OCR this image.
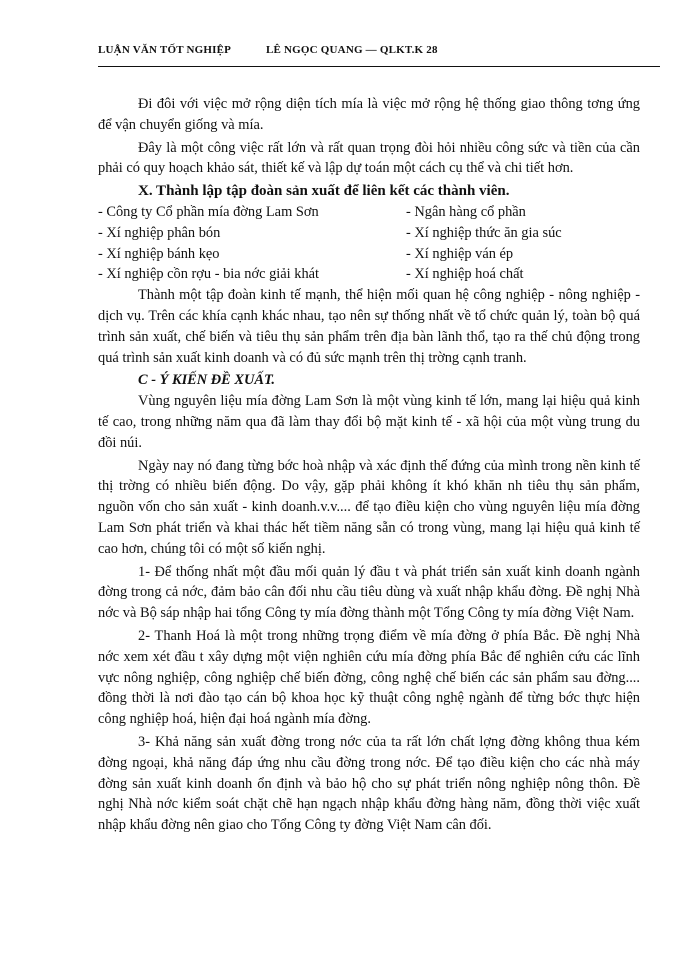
LUẬN VĂN TỐT NGHIỆP	LÊ NGỌC QUANG — QLKT.K 28

Đi đôi với việc mở rộng diện tích mía là việc mở rộng hệ thống giao thông tơng ứng để vận chuyển giống và mía.

Đây là một công việc rất lớn và rất quan trọng đòi hỏi nhiều công sức và tiền của cần phải có quy hoạch khảo sát, thiết kế và lập dự toán một cách cụ thể và chi tiết hơn.

X. Thành lập tập đoàn sản xuất để liên kết các thành viên.
- Công ty Cổ phần mía đờng Lam Sơn	- Ngân hàng cổ phần
- Xí nghiệp phân bón	- Xí nghiệp thức ăn gia súc
- Xí nghiệp bánh kẹo	- Xí nghiệp ván ép
- Xí nghiệp cồn rợu - bia nớc giải khát	- Xí nghiệp hoá chất

Thành một tập đoàn kinh tế mạnh, thể hiện mối quan hệ công nghiệp - nông nghiệp - dịch vụ. Trên các khía cạnh khác nhau, tạo nên sự thống nhất về tổ chức quản lý, toàn bộ quá trình sản xuất, chế biến và tiêu thụ sản phẩm trên địa bàn lãnh thổ, tạo ra thế chủ động trong quá trình sản xuất kinh doanh và có đủ sức mạnh trên thị trờng cạnh tranh.

C - Ý KIẾN ĐỀ XUẤT.

Vùng nguyên liệu mía đờng Lam Sơn là một vùng kinh tế lớn, mang lại hiệu quả kinh tế cao, trong những năm qua đã làm thay đổi bộ mặt kinh tế - xã hội của một vùng trung du đồi núi.

Ngày nay nó đang từng bớc hoà nhập và xác định thế đứng của mình trong nền kinh tế thị trờng có nhiều biến động. Do vậy, gặp phải không ít khó khăn nh tiêu thụ sản phẩm, nguồn vốn cho sản xuất - kinh doanh.v.v.... để tạo điều kiện cho vùng nguyên liệu mía đờng Lam Sơn phát triển và khai thác hết tiềm năng sẵn có trong vùng, mang lại hiệu quả kinh tế cao hơn, chúng tôi có một số kiến nghị.

1- Để thống nhất một đầu mối quản lý đầu t và phát triển sản xuất kinh doanh ngành đờng trong cả nớc, đảm bảo cân đối nhu cầu tiêu dùng và xuất nhập khẩu đờng. Đề nghị Nhà nớc và Bộ sáp nhập hai tổng Công ty mía đờng thành một Tổng Công ty mía đờng Việt Nam.

2- Thanh Hoá là một trong những trọng điểm về mía đờng ở phía Bắc. Đề nghị Nhà nớc xem xét đầu t xây dựng một viện nghiên cứu mía đờng phía Bắc để nghiên cứu các lĩnh vực nông nghiệp, công nghiệp chế biến đờng, công nghệ chế biến các sản phẩm sau đờng.... đồng thời là nơi đào tạo cán bộ khoa học kỹ thuật công nghệ ngành để từng bớc thực hiện công nghiệp hoá, hiện đại hoá ngành mía đờng.

3- Khả năng sản xuất đờng trong nớc của ta rất lớn chất lợng đờng không thua kém đờng ngoại, khả năng đáp ứng nhu cầu đờng trong nớc. Để tạo điều kiện cho các nhà máy đờng sản xuất kinh doanh ổn định và bảo hộ cho sự phát triển nông nghiệp nông thôn. Đề nghị Nhà nớc kiểm soát chặt chẽ hạn ngạch nhập khẩu đờng hàng năm, đồng thời việc xuất nhập khẩu đờng nên giao cho Tổng Công ty đờng Việt Nam cân đối.
